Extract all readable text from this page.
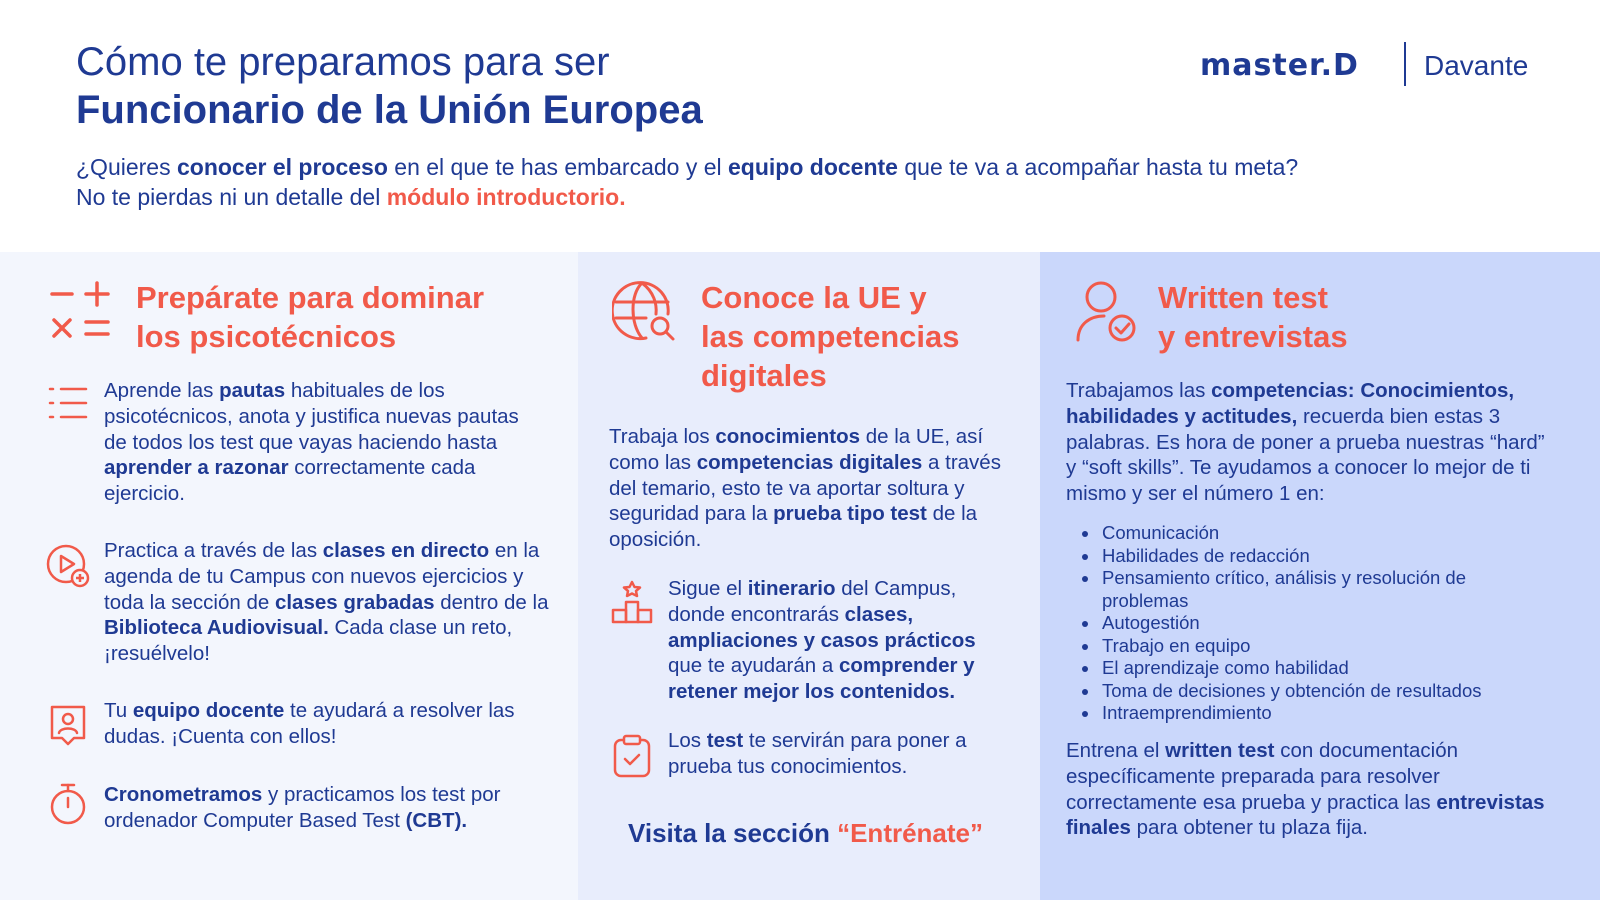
Cómo te preparamos para ser
Funcionario de la Unión Europea
master.D Davante
¿Quieres conocer el proceso en el que te has embarcado y el equipo docente que te va a acompañar hasta tu meta?
No te pierdas ni un detalle del módulo introductorio.
Prepárate para dominar
los psicotécnicos
Aprende las pautas habituales de los psicotécnicos, anota y justifica nuevas pautas de todos los test que vayas haciendo hasta aprender a razonar correctamente cada ejercicio.
Practica a través de las clases en directo en la agenda de tu Campus con nuevos ejercicios y toda la sección de clases grabadas dentro de la Biblioteca Audiovisual. Cada clase un reto, ¡resuélvelo!
Tu equipo docente te ayudará a resolver las dudas. ¡Cuenta con ellos!
Cronometramos y practicamos los test por ordenador Computer Based Test (CBT).
Conoce la UE y
las competencias
digitales
Trabaja los conocimientos de la UE, así como las competencias digitales a través del temario, esto te va aportar soltura y seguridad para la prueba tipo test de la oposición.
Sigue el itinerario del Campus, donde encontrarás clases, ampliaciones y casos prácticos que te ayudarán a comprender y retener mejor los contenidos.
Los test te servirán para poner a prueba tus conocimientos.
Visita la sección “Entrénate”
Written test
y entrevistas
Trabajamos las competencias: Conocimientos, habilidades y actitudes, recuerda bien estas 3 palabras. Es hora de poner a prueba nuestras “hard” y “soft skills”. Te ayudamos a conocer lo mejor de ti mismo y ser el número 1 en:
Comunicación
Habilidades de redacción
Pensamiento crítico, análisis y resolución de problemas
Autogestión
Trabajo en equipo
El aprendizaje como habilidad
Toma de decisiones y obtención de resultados
Intraemprendimiento
Entrena el written test con documentación específicamente preparada para resolver correctamente esa prueba y practica las entrevistas finales para obtener tu plaza fija.
